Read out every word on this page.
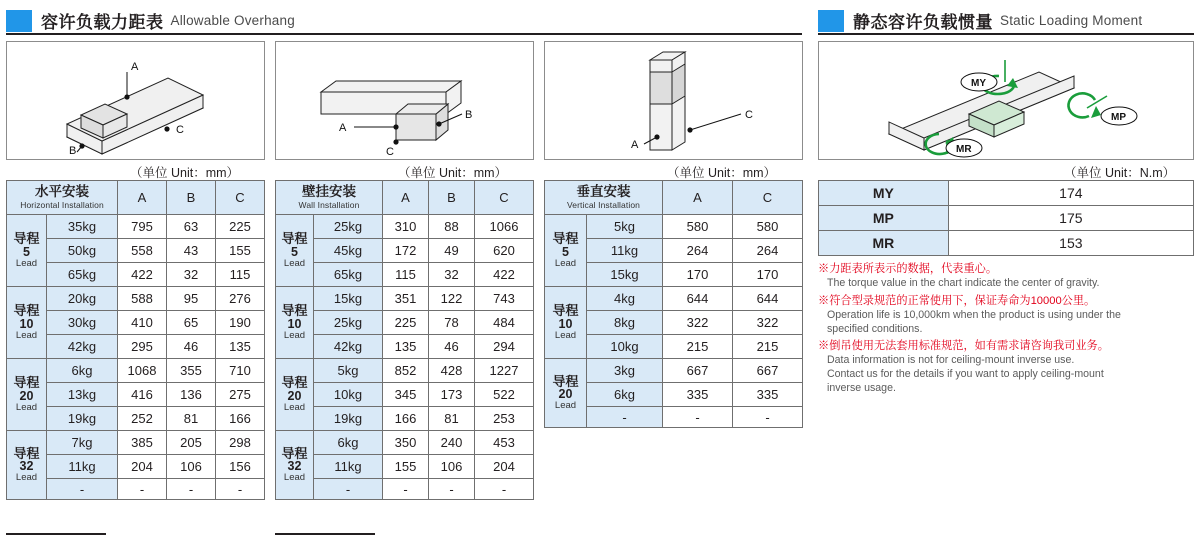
容许负载力距表 Allowable Overhang	静态容许负载惯量 Static Loading Moment
A
B
C
（单位 Unit：mm）
A
B
C
（单位 Unit：mm）
C
A
（单位 Unit：mm）
MY
MP
MR
（单位 Unit：N.m）
水平安装
Horizontal Installation		A	B	C

导程
5
Lead	35kg	795	63	225
	50kg	558	43	155
	65kg	422	32	115

导程
10
Lead	20kg	588	95	276
	30kg	410	65	190
	42kg	295	46	135

导程
20
Lead	6kg	1068	355	710
	13kg	416	136	275
	19kg	252	81	166

导程
32
Lead	7kg	385	205	298
	11kg	204	106	156
	-	-	-	-
壁挂安装
Wall Installation		A	B	C

导程
5
Lead	25kg	310	88	1066
	45kg	172	49	620
	65kg	115	32	422

导程
10
Lead	15kg	351	122	743
	25kg	225	78	484
	42kg	135	46	294

导程
20
Lead	5kg	852	428	1227
	10kg	345	173	522
	19kg	166	81	253

导程
32
Lead	6kg	350	240	453
	11kg	155	106	204
	-	-	-	-
垂直安装
Vertical Installation		A	C

导程
5
Lead	5kg	580	580
	11kg	264	264
	15kg	170	170

导程
10
Lead	4kg	644	644
	8kg	322	322
	10kg	215	215

导程
20
Lead	3kg	667	667
	6kg	335	335
	-	-	-
MY	174
MP	175
MR	153
※力距表所表示的数据，代表重心。
The torque value in the chart indicate the center of gravity.
※符合型录规范的正常使用下，保证寿命为10000公里。
Operation life is 10,000km when the product is using under the
specified conditions.
※倒吊使用无法套用标准规范，如有需求请咨询我司业务。
Data information is not for ceiling-mount inverse use.
Contact us for the details if you want to apply ceiling-mount
inverse usage.
